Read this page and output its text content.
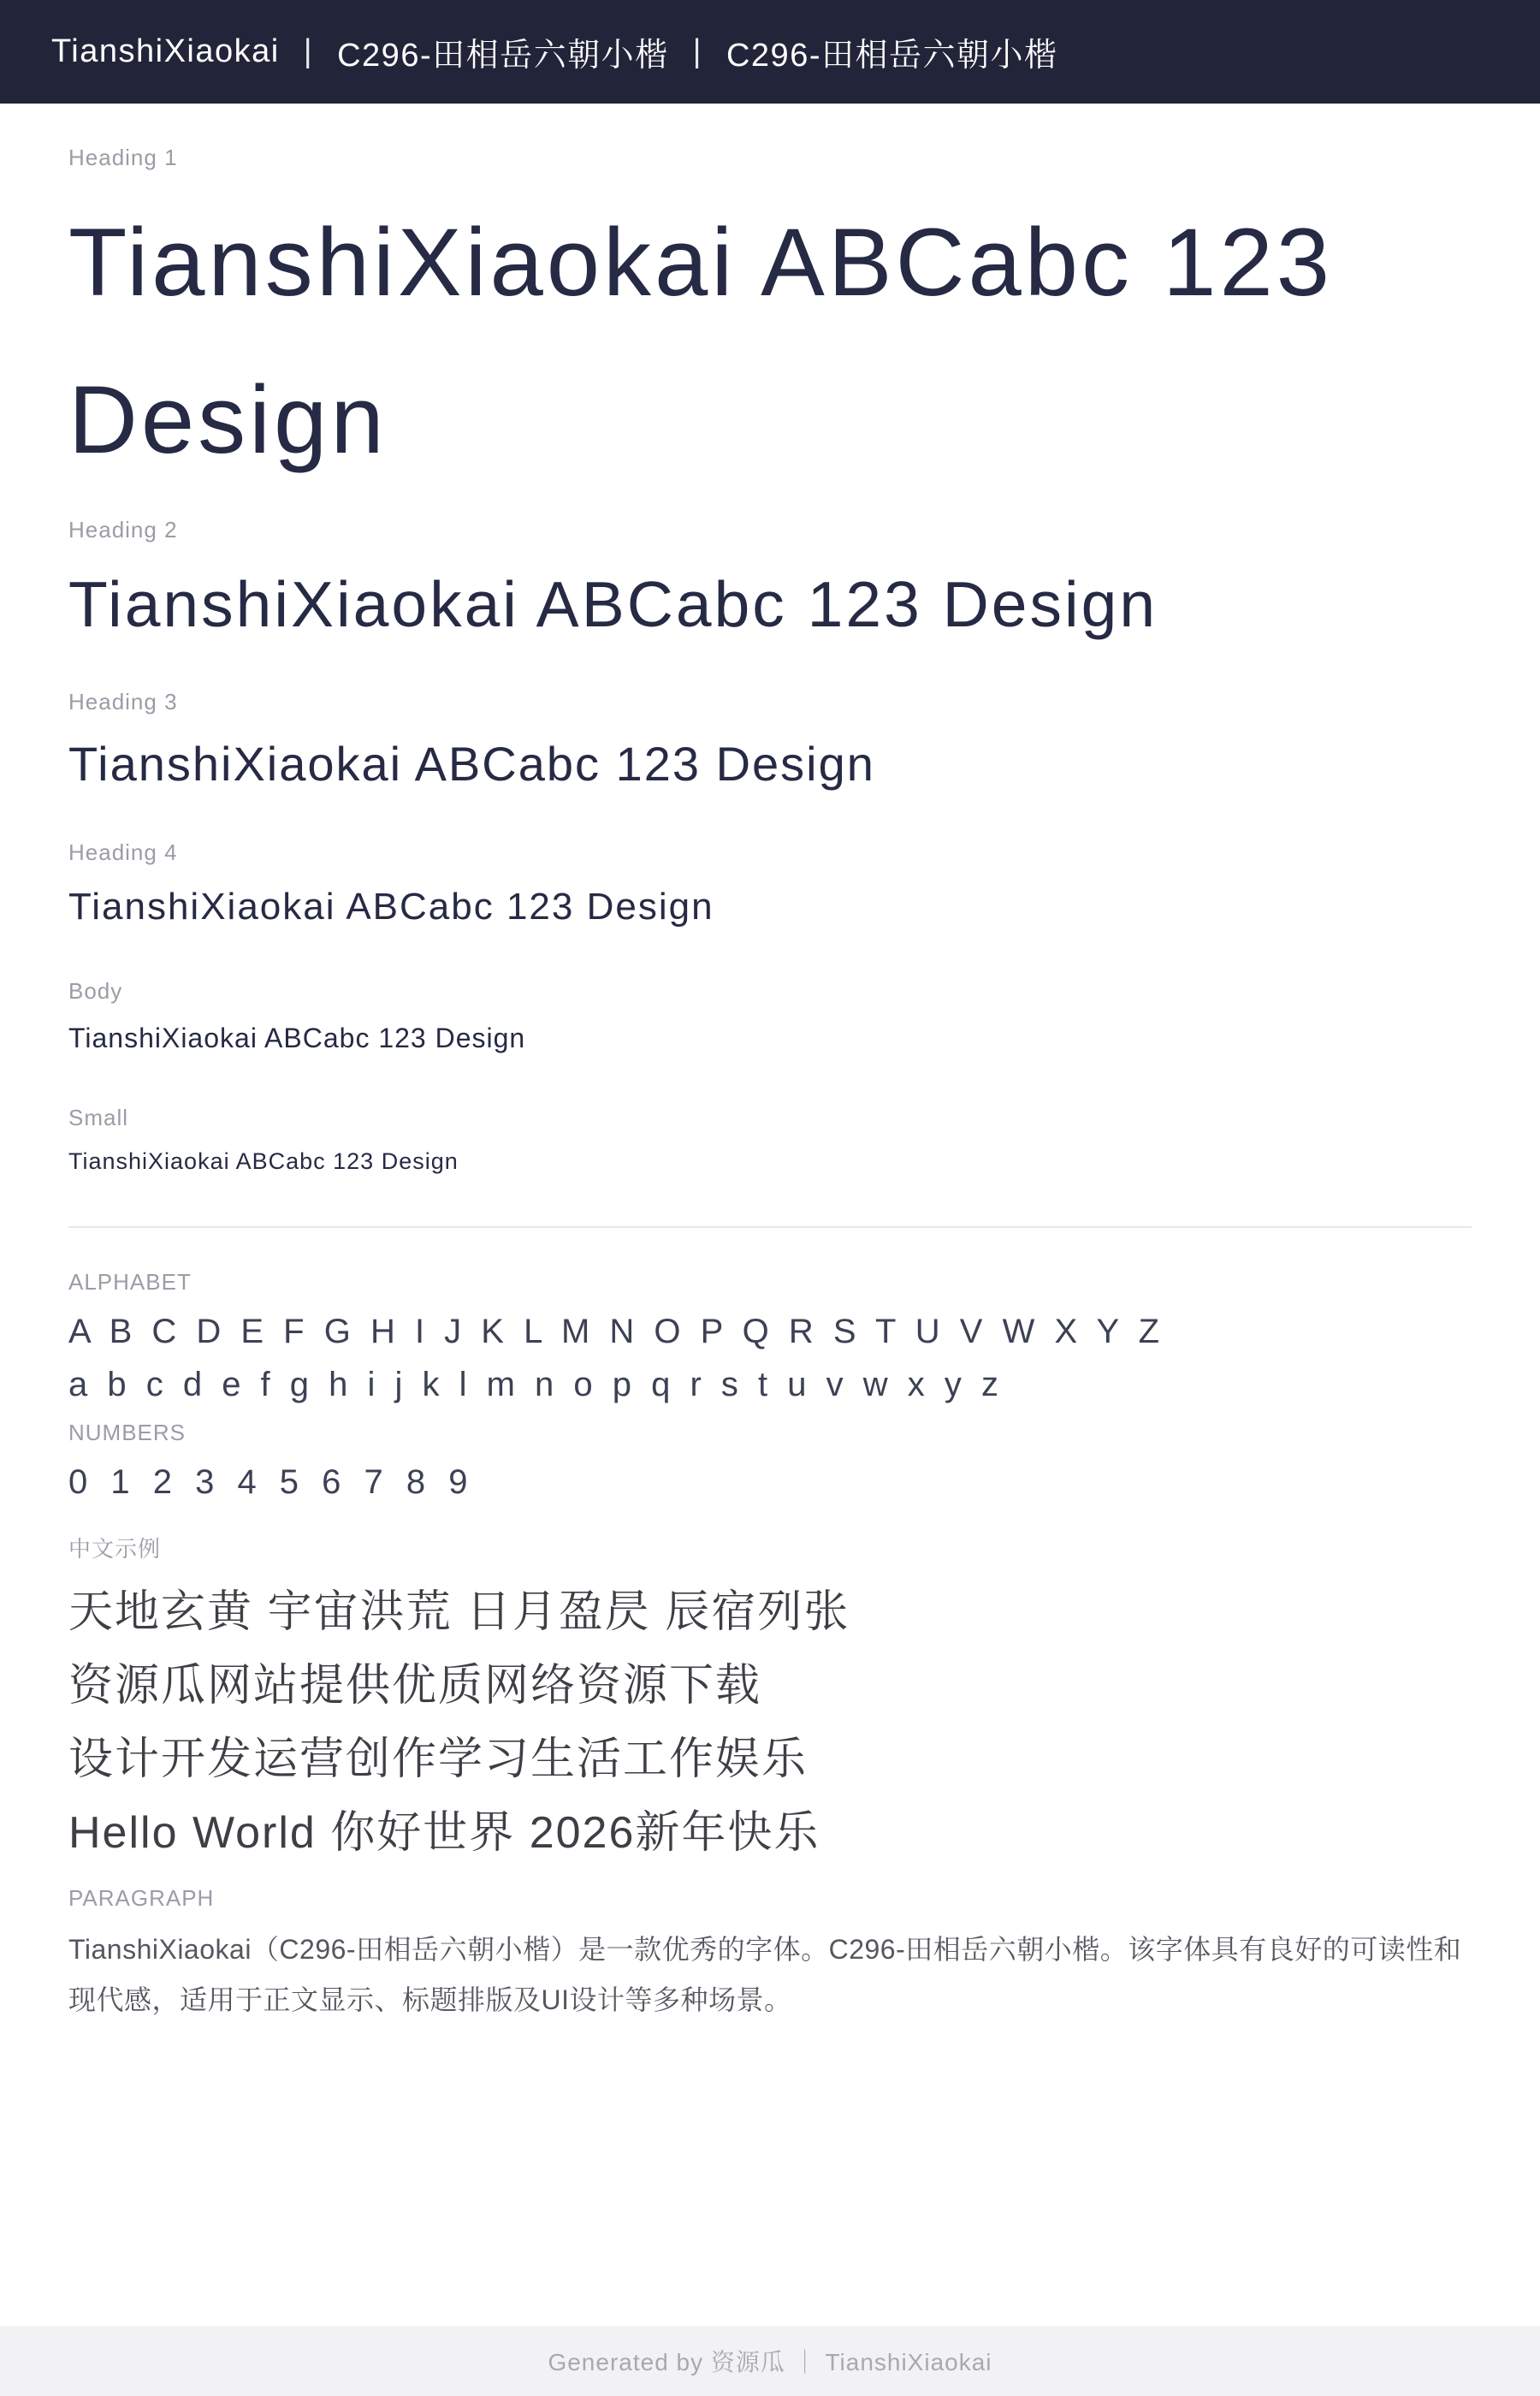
TianshiXiaokai | C296-田相岳六朝小楷 | C296-田相岳六朝小楷
Heading 1
TianshiXiaokai ABCabc 123 Design
Heading 2
TianshiXiaokai ABCabc 123 Design
Heading 3
TianshiXiaokai ABCabc 123 Design
Heading 4
TianshiXiaokai ABCabc 123 Design
Body
TianshiXiaokai ABCabc 123 Design
Small
TianshiXiaokai ABCabc 123 Design
ALPHABET
A B C D E F G H I J K L M N O P Q R S T U V W X Y Z
a b c d e f g h i j k l m n o p q r s t u v w x y z
NUMBERS
0 1 2 3 4 5 6 7 8 9
中文示例
天地玄黄 宇宙洪荒 日月盈昃 辰宿列张
资源瓜网站提供优质网络资源下载
设计开发运营创作学习生活工作娱乐
Hello World 你好世界 2026新年快乐
PARAGRAPH

TianshiXiaokai（C296-田相岳六朝小楷）是一款优秀的字体。C296-田相岳六朝小楷。该字体具有良好的可读性和现代感，适用于正文显示、标题排版及UI设计等多种场景。

Generated by 资源瓜 ｜ TianshiXiaokai
